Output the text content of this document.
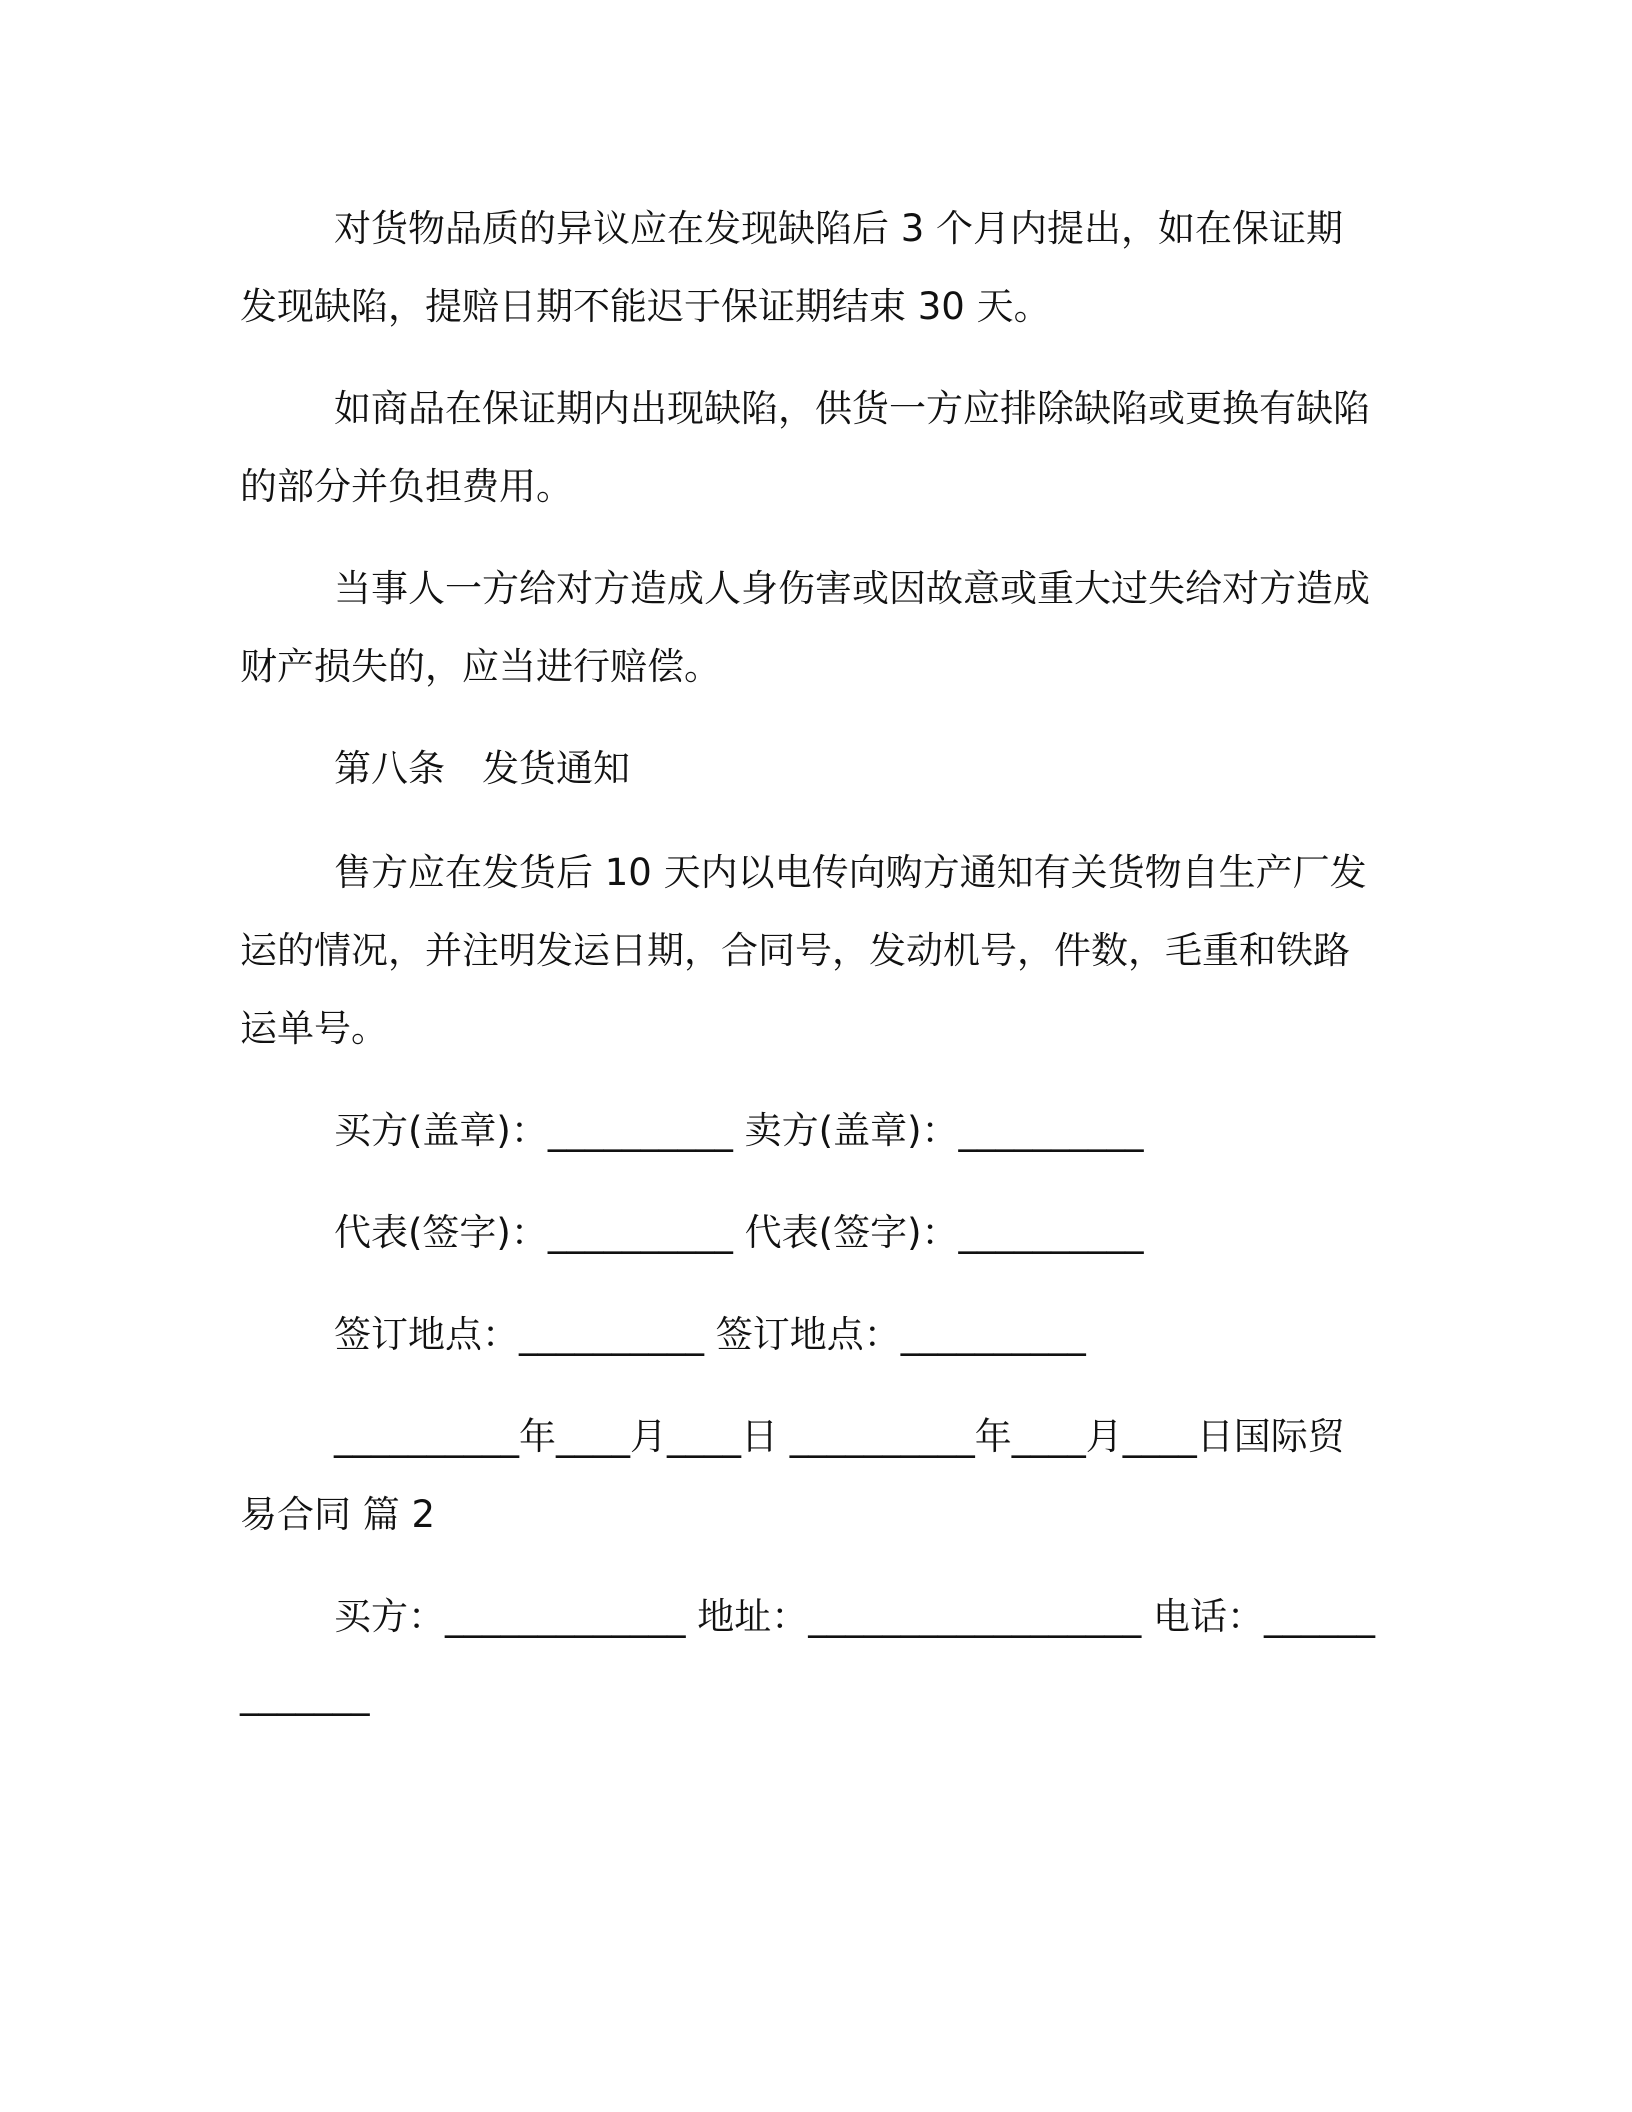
对货物品质的异议应在发现缺陷后 3 个月内提出，如在保证期发现缺陷，提赔日期不能迟于保证期结束 30 天。

如商品在保证期内出现缺陷，供货一方应排除缺陷或更换有缺陷的部分并负担费用。

当事人一方给对方造成人身伤害或因故意或重大过失给对方造成财产损失的，应当进行赔偿。

第八条　发货通知

售方应在发货后 10 天内以电传向购方通知有关货物自生产厂发运的情况，并注明发运日期，合同号，发动机号，件数，毛重和铁路运单号。

买方(盖章)：__________ 卖方(盖章)：__________

代表(签字)：__________ 代表(签字)：__________

签订地点：__________ 签订地点：__________

__________年____月____日 __________年____月____日国际贸易合同 篇 2

买方：_____________ 地址：__________________ 电话：_____________
